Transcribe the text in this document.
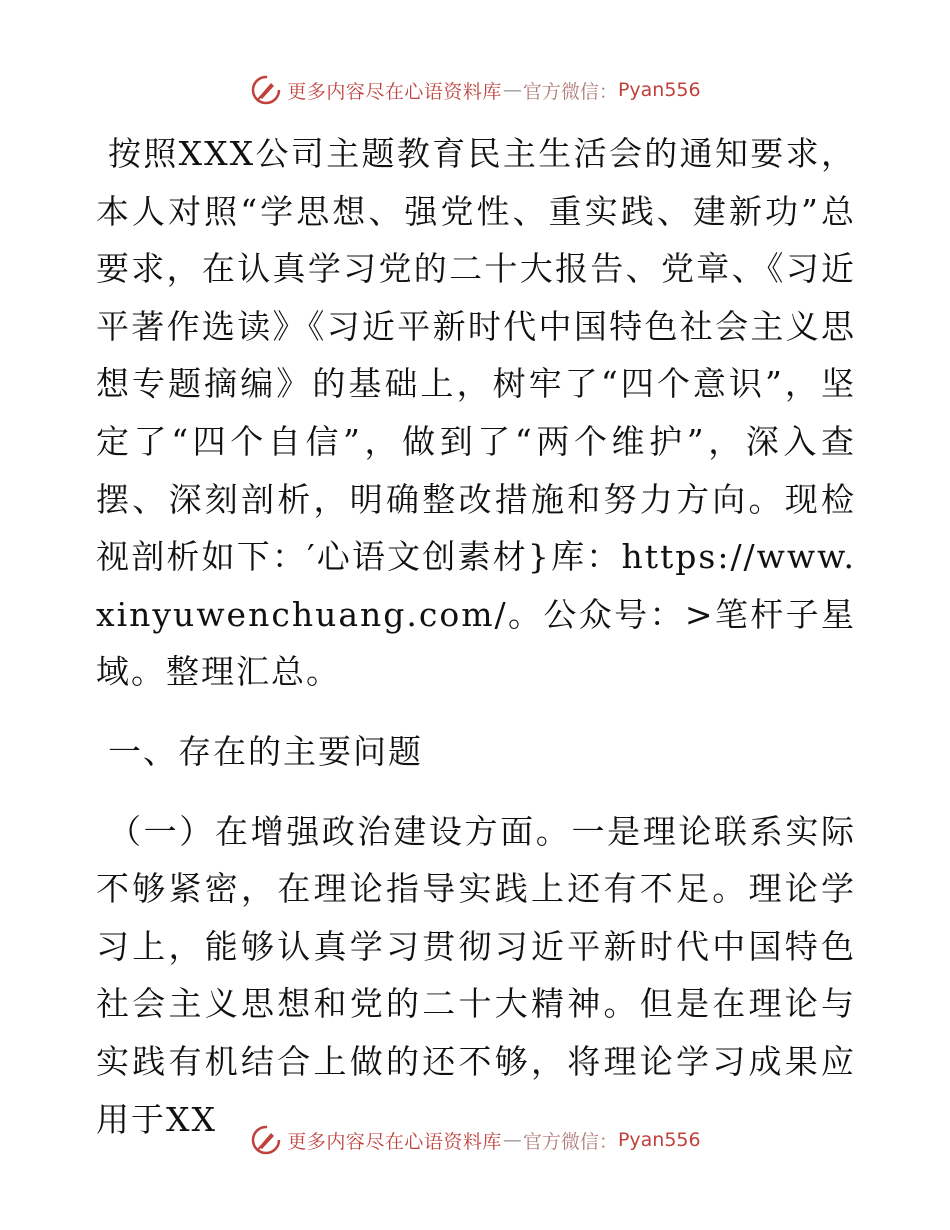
更多内容尽在心语资料库 — 官方微信： Pyan556

按照XXX公司主题教育民主生活会的通知要求，本人对照“学思想、强党性、重实践、建新功”总要求，在认真学习党的二十大报告、党章、《习近平著作选读》《习近平新时代中国特色社会主义思想专题摘编》的基础上，树牢了“四个意识”，坚定了“四个自信”，做到了“两个维护”，深入查摆、深刻剖析，明确整改措施和努力方向。现检视剖析如下：′心语文创素材}库：https://www.xinyuwenchuang.com/。公众号：>笔杆子星域。整理汇总。

一、存在的主要问题

（一）在增强政治建设方面。一是理论联系实际不够紧密，在理论指导实践上还有不足。理论学习上，能够认真学习贯彻习近平新时代中国特色社会主义思想和党的二十大精神。但是在理论与实践有机结合上做的还不够，将理论学习成果应用于XX

更多内容尽在心语资料库 — 官方微信： Pyan556
